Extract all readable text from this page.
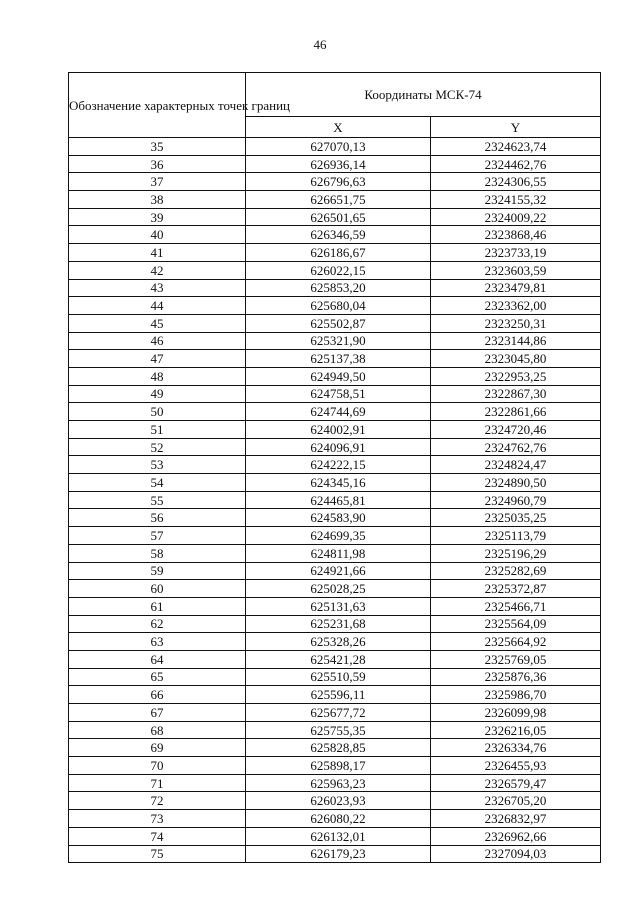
46
Обозначение характерных точек границ	Координаты МСК-74	
	X	Y
35	627070,13	2324623,74
36	626936,14	2324462,76
37	626796,63	2324306,55
38	626651,75	2324155,32
39	626501,65	2324009,22
40	626346,59	2323868,46
41	626186,67	2323733,19
42	626022,15	2323603,59
43	625853,20	2323479,81
44	625680,04	2323362,00
45	625502,87	2323250,31
46	625321,90	2323144,86
47	625137,38	2323045,80
48	624949,50	2322953,25
49	624758,51	2322867,30
50	624744,69	2322861,66
51	624002,91	2324720,46
52	624096,91	2324762,76
53	624222,15	2324824,47
54	624345,16	2324890,50
55	624465,81	2324960,79
56	624583,90	2325035,25
57	624699,35	2325113,79
58	624811,98	2325196,29
59	624921,66	2325282,69
60	625028,25	2325372,87
61	625131,63	2325466,71
62	625231,68	2325564,09
63	625328,26	2325664,92
64	625421,28	2325769,05
65	625510,59	2325876,36
66	625596,11	2325986,70
67	625677,72	2326099,98
68	625755,35	2326216,05
69	625828,85	2326334,76
70	625898,17	2326455,93
71	625963,23	2326579,47
72	626023,93	2326705,20
73	626080,22	2326832,97
74	626132,01	2326962,66
75	626179,23	2327094,03
